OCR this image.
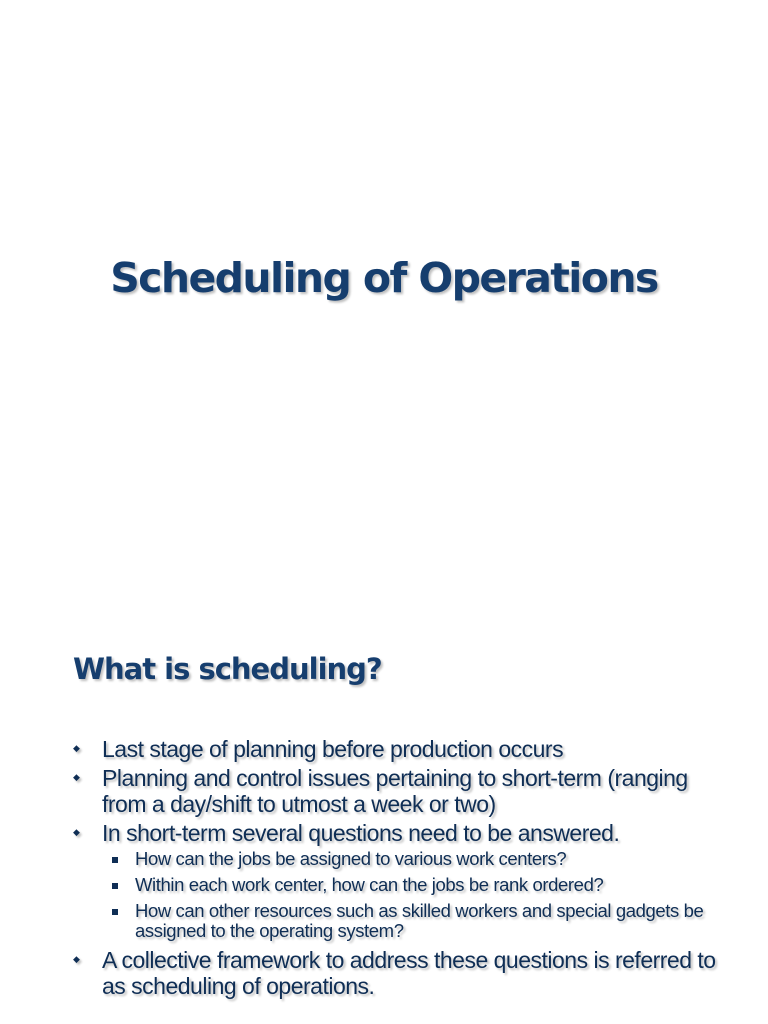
Scheduling of Operations
What is scheduling?
◆ Last stage of planning before production occurs
◆ Planning and control issues pertaining to short-term (ranging from a day/shift to utmost a week or two)
◆ In short-term several questions need to be answered.
How can the jobs be assigned to various work centers?
Within each work center, how can the jobs be rank ordered?
How can other resources such as skilled workers and special gadgets be assigned to the operating system?
◆ A collective framework to address these questions is referred to as scheduling of operations.
